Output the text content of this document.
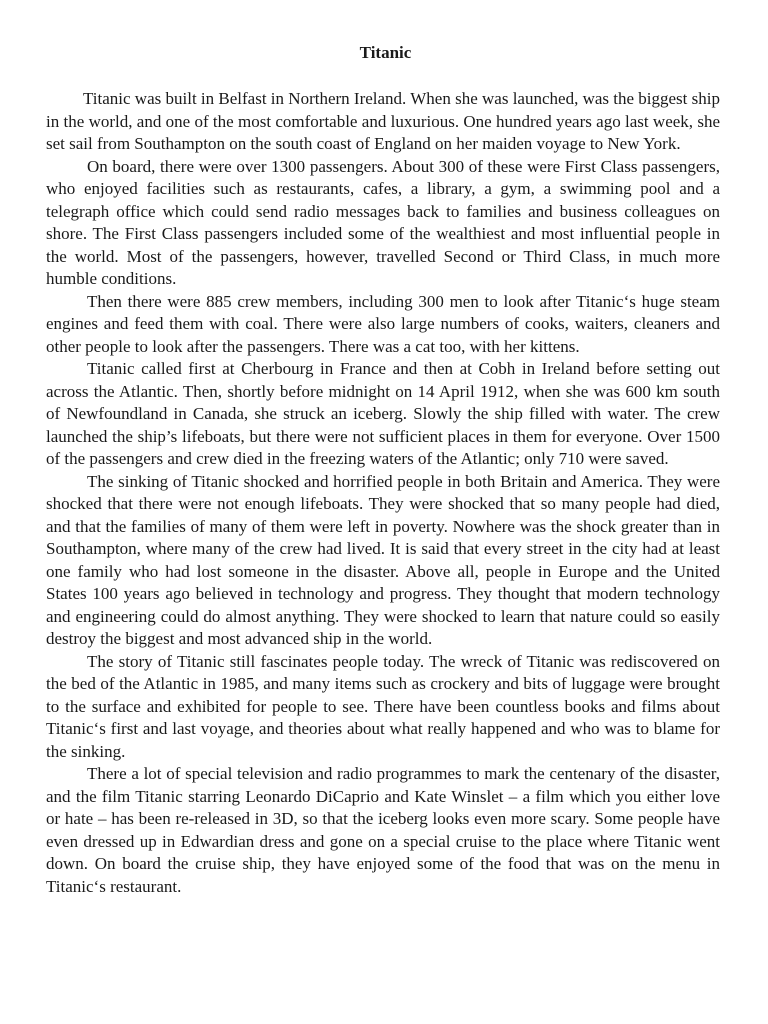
Titanic

Titanic was built in Belfast in Northern Ireland. When she was launched, was the biggest ship in the world, and one of the most comfortable and luxurious. One hundred years ago last week, she set sail from Southampton on the south coast of England on her maiden voyage to New York.

On board, there were over 1300 passengers. About 300 of these were First Class passengers, who enjoyed facilities such as restaurants, cafes, a library, a gym, a swimming pool and a telegraph office which could send radio messages back to families and business colleagues on shore. The First Class passengers included some of the wealthiest and most influential people in the world. Most of the passengers, however, travelled Second or Third Class, in much more humble conditions.

Then there were 885 crew members, including 300 men to look after Titanic‘s huge steam engines and feed them with coal. There were also large numbers of cooks, waiters, cleaners and other people to look after the passengers. There was a cat too, with her kittens.

Titanic called first at Cherbourg in France and then at Cobh in Ireland before setting out across the Atlantic. Then, shortly before midnight on 14 April 1912, when she was 600 km south of Newfoundland in Canada, she struck an iceberg. Slowly the ship filled with water. The crew launched the ship’s lifeboats, but there were not sufficient places in them for everyone. Over 1500 of the passengers and crew died in the freezing waters of the Atlantic; only 710 were saved.

The sinking of Titanic shocked and horrified people in both Britain and America. They were shocked that there were not enough lifeboats. They were shocked that so many people had died, and that the families of many of them were left in poverty. Nowhere was the shock greater than in Southampton, where many of the crew had lived. It is said that every street in the city had at least one family who had lost someone in the disaster. Above all, people in Europe and the United States 100 years ago believed in technology and progress. They thought that modern technology and engineering could do almost anything. They were shocked to learn that nature could so easily destroy the biggest and most advanced ship in the world.

The story of Titanic still fascinates people today. The wreck of Titanic was rediscovered on the bed of the Atlantic in 1985, and many items such as crockery and bits of luggage were brought to the surface and exhibited for people to see. There have been countless books and films about Titanic‘s first and last voyage, and theories about what really happened and who was to blame for the sinking.

There a lot of special television and radio programmes to mark the centenary of the disaster, and the film Titanic starring Leonardo DiCaprio and Kate Winslet – a film which you either love or hate – has been re-released in 3D, so that the iceberg looks even more scary. Some people have even dressed up in Edwardian dress and gone on a special cruise to the place where Titanic went down. On board the cruise ship, they have enjoyed some of the food that was on the menu in Titanic‘s restaurant.
